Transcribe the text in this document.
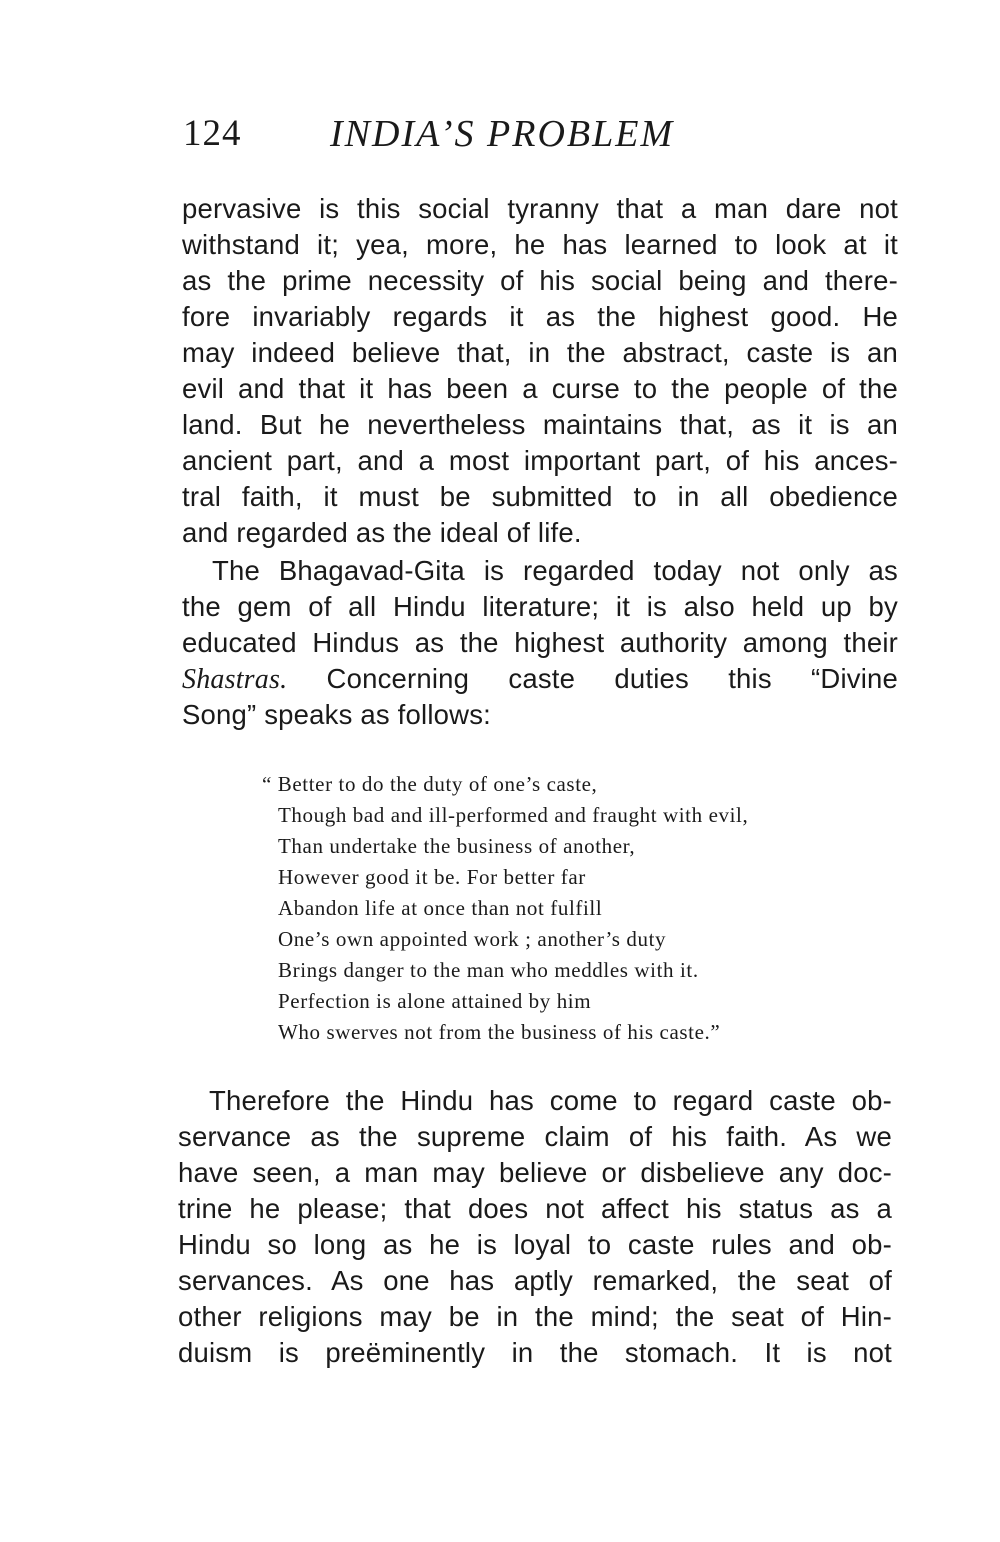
124 INDIA’S PROBLEM
pervasive is this social tyranny that a man dare not
withstand it; yea, more, he has learned to look at it
as the prime necessity of his social being and there-
fore invariably regards it as the highest good. He
may indeed believe that, in the abstract, caste is an
evil and that it has been a curse to the people of the
land. But he nevertheless maintains that, as it is an
ancient part, and a most important part, of his ances-
tral faith, it must be submitted to in all obedience
and regarded as the ideal of life.
The Bhagavad-Gita is regarded today not only as
the gem of all Hindu literature; it is also held up by
educated Hindus as the highest authority among their
Shastras. Concerning caste duties this “Divine
Song” speaks as follows:
“ Better to do the duty of one’s caste,
Though bad and ill-performed and fraught with evil,
Than undertake the business of another,
However good it be. For better far
Abandon life at once than not fulfill
One’s own appointed work ; another’s duty
Brings danger to the man who meddles with it.
Perfection is alone attained by him
Who swerves not from the business of his caste.”
Therefore the Hindu has come to regard caste ob-
servance as the supreme claim of his faith. As we
have seen, a man may believe or disbelieve any doc-
trine he please; that does not affect his status as a
Hindu so long as he is loyal to caste rules and ob-
servances. As one has aptly remarked, the seat of
other religions may be in the mind; the seat of Hin-
duism is preëminently in the stomach. It is not
